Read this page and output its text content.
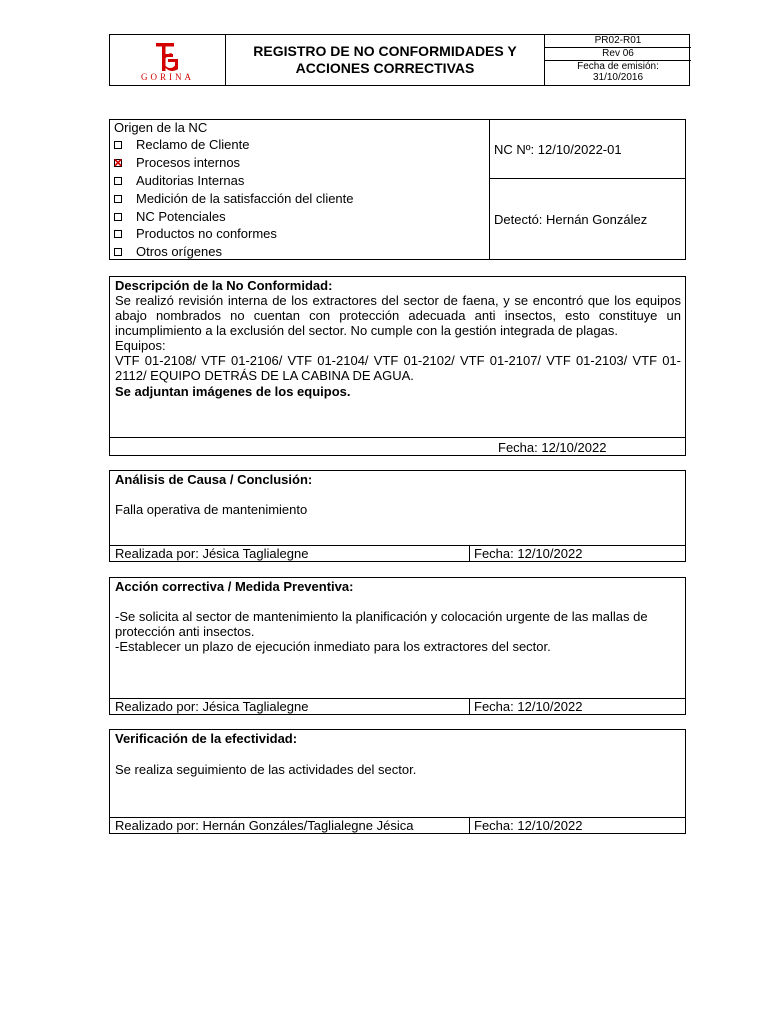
GORINA
REGISTRO DE NO CONFORMIDADES Y
ACCIONES CORRECTIVAS
PR02-R01
Rev 06
Fecha de emisión:
31/10/2016
Origen de la NC
Reclamo de Cliente
✕Procesos internos
Auditorias Internas
Medición de la satisfacción del cliente
NC Potenciales
Productos no conformes
Otros orígenes
NC Nº: 12/10/2022-01
Detectó: Hernán González
Descripción de la No Conformidad:
Se realizó revisión interna de los extractores del sector de faena, y se encontró que los equipos abajo nombrados no cuentan con protección adecuada anti insectos, esto constituye un incumplimiento a la exclusión del sector. No cumple con la gestión integrada de plagas.
Equipos:
VTF 01-2108/ VTF 01-2106/ VTF 01-2104/ VTF 01-2102/ VTF 01-2107/ VTF 01-2103/ VTF 01-2112/ EQUIPO DETRÁS DE LA CABINA DE AGUA.
Se adjuntan imágenes de los equipos.
Fecha: 12/10/2022
Análisis de Causa / Conclusión:
Falla operativa de mantenimiento
Realizada por: Jésica Taglialegne	Fecha: 12/10/2022
Acción correctiva / Medida Preventiva:
-Se solicita al sector de mantenimiento la planificación y colocación urgente de las mallas de protección anti insectos.
-Establecer un plazo de ejecución inmediato para los extractores del sector.
Realizado por: Jésica Taglialegne	Fecha: 12/10/2022
Verificación de la efectividad:
Se realiza seguimiento de las actividades del sector.
Realizado por: Hernán Gonzáles/Taglialegne Jésica	Fecha: 12/10/2022
